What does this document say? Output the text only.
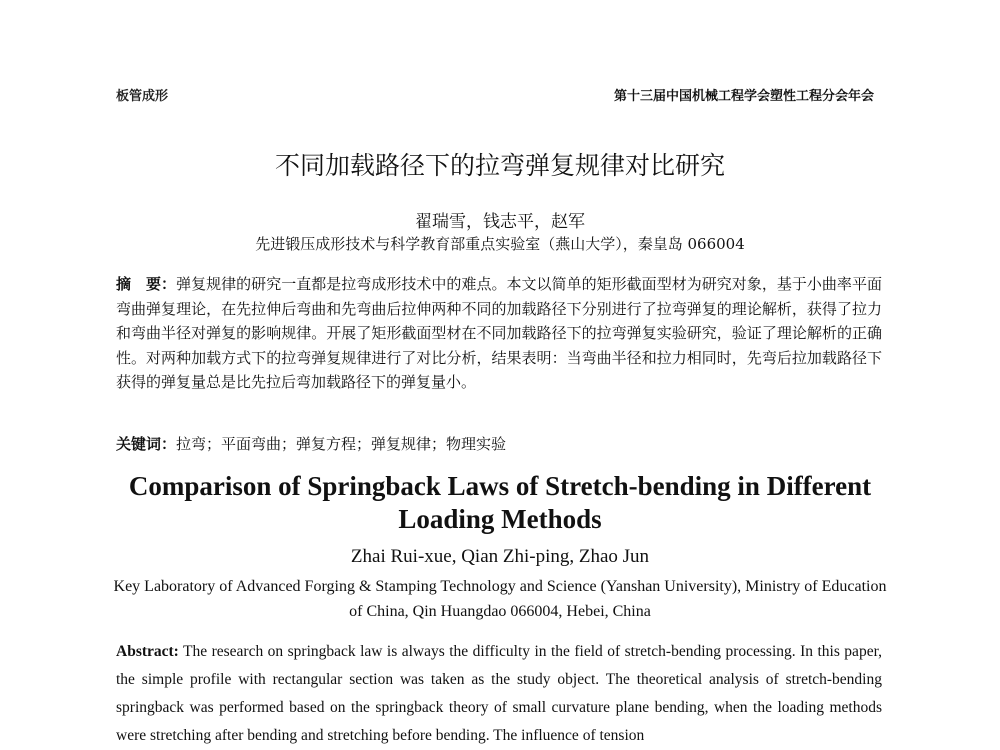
板管成形	第十三届中国机械工程学会塑性工程分会年会
不同加载路径下的拉弯弹复规律对比研究
翟瑞雪，钱志平，赵军
先进锻压成形技术与科学教育部重点实验室（燕山大学），秦皇岛 066004
摘　要：弹复规律的研究一直都是拉弯成形技术中的难点。本文以简单的矩形截面型材为研究对象，基于小曲率平面弯曲弹复理论，在先拉伸后弯曲和先弯曲后拉伸两种不同的加载路径下分别进行了拉弯弹复的理论解析，获得了拉力和弯曲半径对弹复的影响规律。开展了矩形截面型材在不同加载路径下的拉弯弹复实验研究，验证了理论解析的正确性。对两种加载方式下的拉弯弹复规律进行了对比分析，结果表明：当弯曲半径和拉力相同时，先弯后拉加载路径下获得的弹复量总是比先拉后弯加载路径下的弹复量小。
关键词：拉弯；平面弯曲；弹复方程；弹复规律；物理实验
Comparison of Springback Laws of Stretch-bending in Different Loading Methods
Zhai Rui-xue, Qian Zhi-ping, Zhao Jun
Key Laboratory of Advanced Forging & Stamping Technology and Science (Yanshan University), Ministry of Education of China, Qin Huangdao 066004, Hebei, China
Abstract: The research on springback law is always the difficulty in the field of stretch-bending processing. In this paper, the simple profile with rectangular section was taken as the study object. The theoretical analysis of stretch-bending springback was performed based on the springback theory of small curvature plane bending, when the loading methods were stretching after bending and stretching before bending. The influence of tension
